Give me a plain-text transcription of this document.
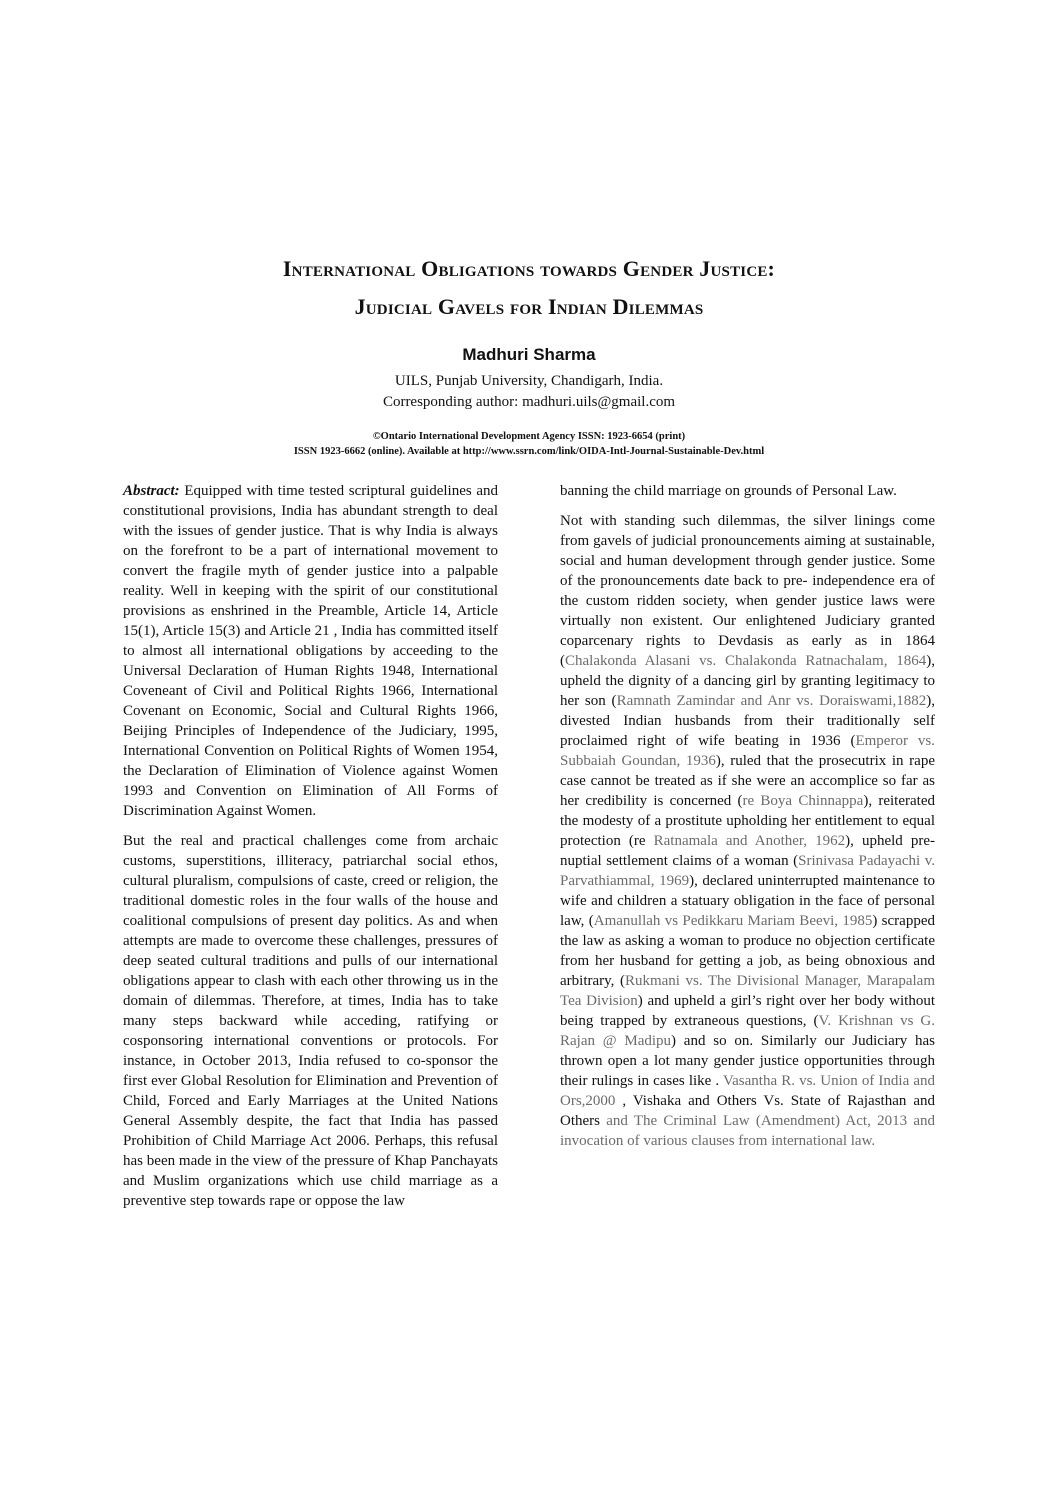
International Obligations towards Gender Justice:
Judicial Gavels for Indian Dilemmas
Madhuri Sharma
UILS, Punjab University, Chandigarh, India.
Corresponding author: madhuri.uils@gmail.com
©Ontario International Development Agency ISSN: 1923-6654 (print)
ISSN 1923-6662 (online). Available at http://www.ssrn.com/link/OIDA-Intl-Journal-Sustainable-Dev.html

Abstract: Equipped with time tested scriptural guidelines and constitutional provisions, India has abundant strength to deal with the issues of gender justice. That is why India is always on the forefront to be a part of international movement to convert the fragile myth of gender justice into a palpable reality. Well in keeping with the spirit of our constitutional provisions as enshrined in the Preamble, Article 14, Article 15(1), Article 15(3) and Article 21 , India has committed itself to almost all international obligations by acceeding to the Universal Declaration of Human Rights 1948, International Coveneant of Civil and Political Rights 1966, International Covenant on Economic, Social and Cultural Rights 1966, Beijing Principles of Independence of the Judiciary, 1995, International Convention on Political Rights of Women 1954, the Declaration of Elimination of Violence against Women 1993 and Convention on Elimination of All Forms of Discrimination Against Women.

But the real and practical challenges come from archaic customs, superstitions, illiteracy, patriarchal social ethos, cultural pluralism, compulsions of caste, creed or religion, the traditional domestic roles in the four walls of the house and coalitional compulsions of present day politics. As and when attempts are made to overcome these challenges, pressures of deep seated cultural traditions and pulls of our international obligations appear to clash with each other throwing us in the domain of dilemmas. Therefore, at times, India has to take many steps backward while acceding, ratifying or cosponsoring international conventions or protocols. For instance, in October 2013, India refused to co-sponsor the first ever Global Resolution for Elimination and Prevention of Child, Forced and Early Marriages at the United Nations General Assembly despite, the fact that India has passed Prohibition of Child Marriage Act 2006. Perhaps, this refusal has been made in the view of the pressure of Khap Panchayats and Muslim organizations which use child marriage as a preventive step towards rape or oppose the law

banning the child marriage on grounds of Personal Law.

Not with standing such dilemmas, the silver linings come from gavels of judicial pronouncements aiming at sustainable, social and human development through gender justice. Some of the pronouncements date back to pre- independence era of the custom ridden society, when gender justice laws were virtually non existent. Our enlightened Judiciary granted coparcenary rights to Devdasis as early as in 1864 (Chalakonda Alasani vs. Chalakonda Ratnachalam, 1864), upheld the dignity of a dancing girl by granting legitimacy to her son (Ramnath Zamindar and Anr vs. Doraiswami,1882), divested Indian husbands from their traditionally self proclaimed right of wife beating in 1936 (Emperor vs. Subbaiah Goundan, 1936), ruled that the prosecutrix in rape case cannot be treated as if she were an accomplice so far as her credibility is concerned (re Boya Chinnappa), reiterated the modesty of a prostitute upholding her entitlement to equal protection (re Ratnamala and Another, 1962), upheld pre- nuptial settlement claims of a woman (Srinivasa Padayachi v. Parvathiammal, 1969), declared uninterrupted maintenance to wife and children a statuary obligation in the face of personal law, (Amanullah vs Pedikkaru Mariam Beevi, 1985) scrapped the law as asking a woman to produce no objection certificate from her husband for getting a job, as being obnoxious and arbitrary, (Rukmani vs. The Divisional Manager, Marapalam Tea Division) and upheld a girl’s right over her body without being trapped by extraneous questions, (V. Krishnan vs G. Rajan @ Madipu) and so on. Similarly our Judiciary has thrown open a lot many gender justice opportunities through their rulings in cases like . Vasantha R. vs. Union of India and Ors,2000 , Vishaka and Others Vs. State of Rajasthan and Others and The Criminal Law (Amendment) Act, 2013 and invocation of various clauses from international law.
